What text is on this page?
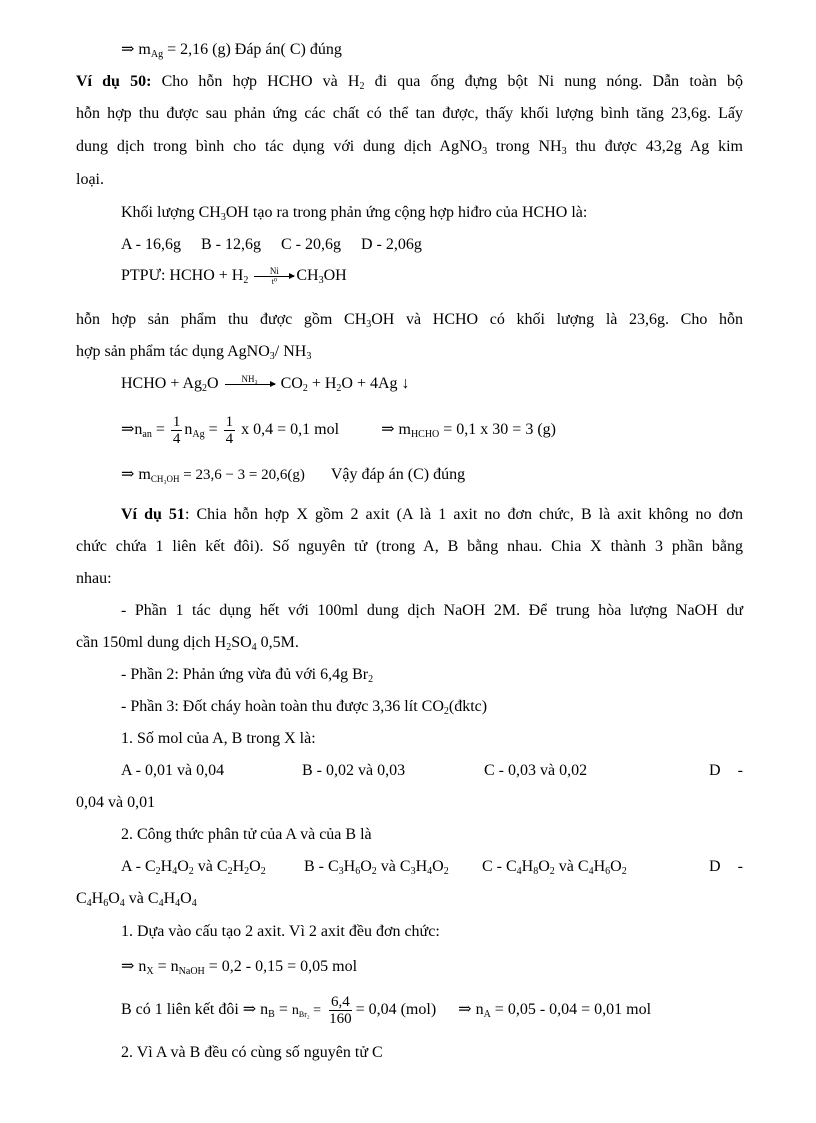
⇒ $m_{Ag} = 2,16$ (g) Đáp án( C) đúng
Ví dụ 50: Cho hỗn hợp HCHO và $H_2$ đi qua ống đựng bột Ni nung nóng. Dẫn toàn bộ
hỗn hợp thu được sau phản ứng các chất có thể tan được, thấy khối lượng bình tăng 23,6g. Lấy
dung dịch trong bình cho tác dụng với dung dịch AgNO$_3$ trong $NH_3$ thu được 43,2g Ag kim
loại.
Khối lượng $CH_3OH$ tạo ra trong phản ứng cộng hợp hiđro của HCHO là:
A - 16,6g     B - 12,6g     C - 20,6g     D - 2,06g
PTPƯ: HCHO + $H_2 \frac{Ni}{\text{t⁰}} CH_3OH$
hỗn hợp sản phẩm thu được gồm $CH_3OH$ và HCHO có khối lượng là 23,6g. Cho hỗn
hợp sản phẩm tác dụng AgNO$_3$/ $NH_3$
HCHO + $Ag_2O$	NH₃ $CO_2 + H_2O + 4Ag$ ↓
$\Rightarrow n_{an} = \frac{1}{4} n_{Ag} = \frac{1}{4}$ x 0,4 = 0,1 mol	⇒ $m_{HCHO} = 0,1$ x 30 = 3 (g)
⇒ $m_{CH_3OH} = 23,6 - 3 = 20,6(g)$ Vậy đáp án (C) đúng
Ví dụ 51: Chia hỗn hợp X gồm 2 axit (A là 1 axit no đơn chức, B là axit không no đơn
chức chứa 1 liên kết đôi). Số nguyên tử (trong A, B bằng nhau. Chia X thành 3 phần bằng
nhau:
- Phần 1 tác dụng hết với 100ml dung dịch NaOH 2M. Để trung hòa lượng NaOH dư
cần 150ml dung dịch $H_2SO_4$ 0,5M.
- Phần 2: Phản ứng vừa đủ với 6,4g $Br_2$
- Phần 3: Đốt cháy hoàn toàn thu được 3,36 lít $CO_2(đktc)$
1. Số mol của A, B trong X là:
A - 0,01 và 0,04	B - 0,02 và 0,03	C - 0,03 và 0,02	D   -
0,04 và 0,01
2. Công thức phân tử của A và của B là
A - $C_2H_4O_2$ và $C_2H_2O_2$ B - $C_3H_6O_2$ và $C_3H_4O_2$ C - $C_4H_8O_2$ và $C_4H_6O_2$	D   -
$C_4H_6O_4$ và $C_4H_4O_4$
1. Dựa vào cấu tạo 2 axit. Vì 2 axit đều đơn chức:
⇒ $n_X = n_{NaOH} = 0,2 - 0,15 = 0,05$ mol
B có 1 liên kết đôi ⇒ $n_B = n_{Br_2} = \frac{6,4}{160} = 0,04$ (mol) ⇒ $n_A = 0,05 - 0,04 = 0,01$ mol
2. Vì A và B đều có cùng số nguyên tử C
